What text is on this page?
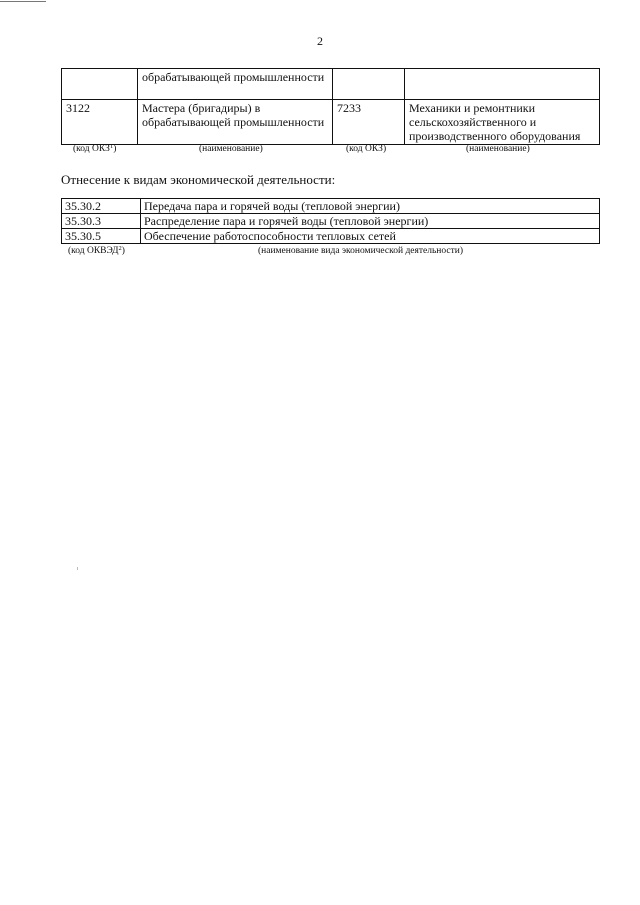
2
	обрабатывающей промышленности		
3122	Мастера (бригадиры) в обрабатывающей промышленности	7233	Механики и ремонтники сельскохозяйственного и производственного оборудования
(код ОКЗ$^1$)	(наименование)	(код ОКЗ)	(наименование)
Отнесение к видам экономической деятельности:
35.30.2	Передача пара и горячей воды (тепловой энергии)
35.30.3	Распределение пара и горячей воды (тепловой энергии)
35.30.5	Обеспечение работоспособности тепловых сетей
(код ОКВЭД$^2$)	(наименование вида экономической деятельности)
